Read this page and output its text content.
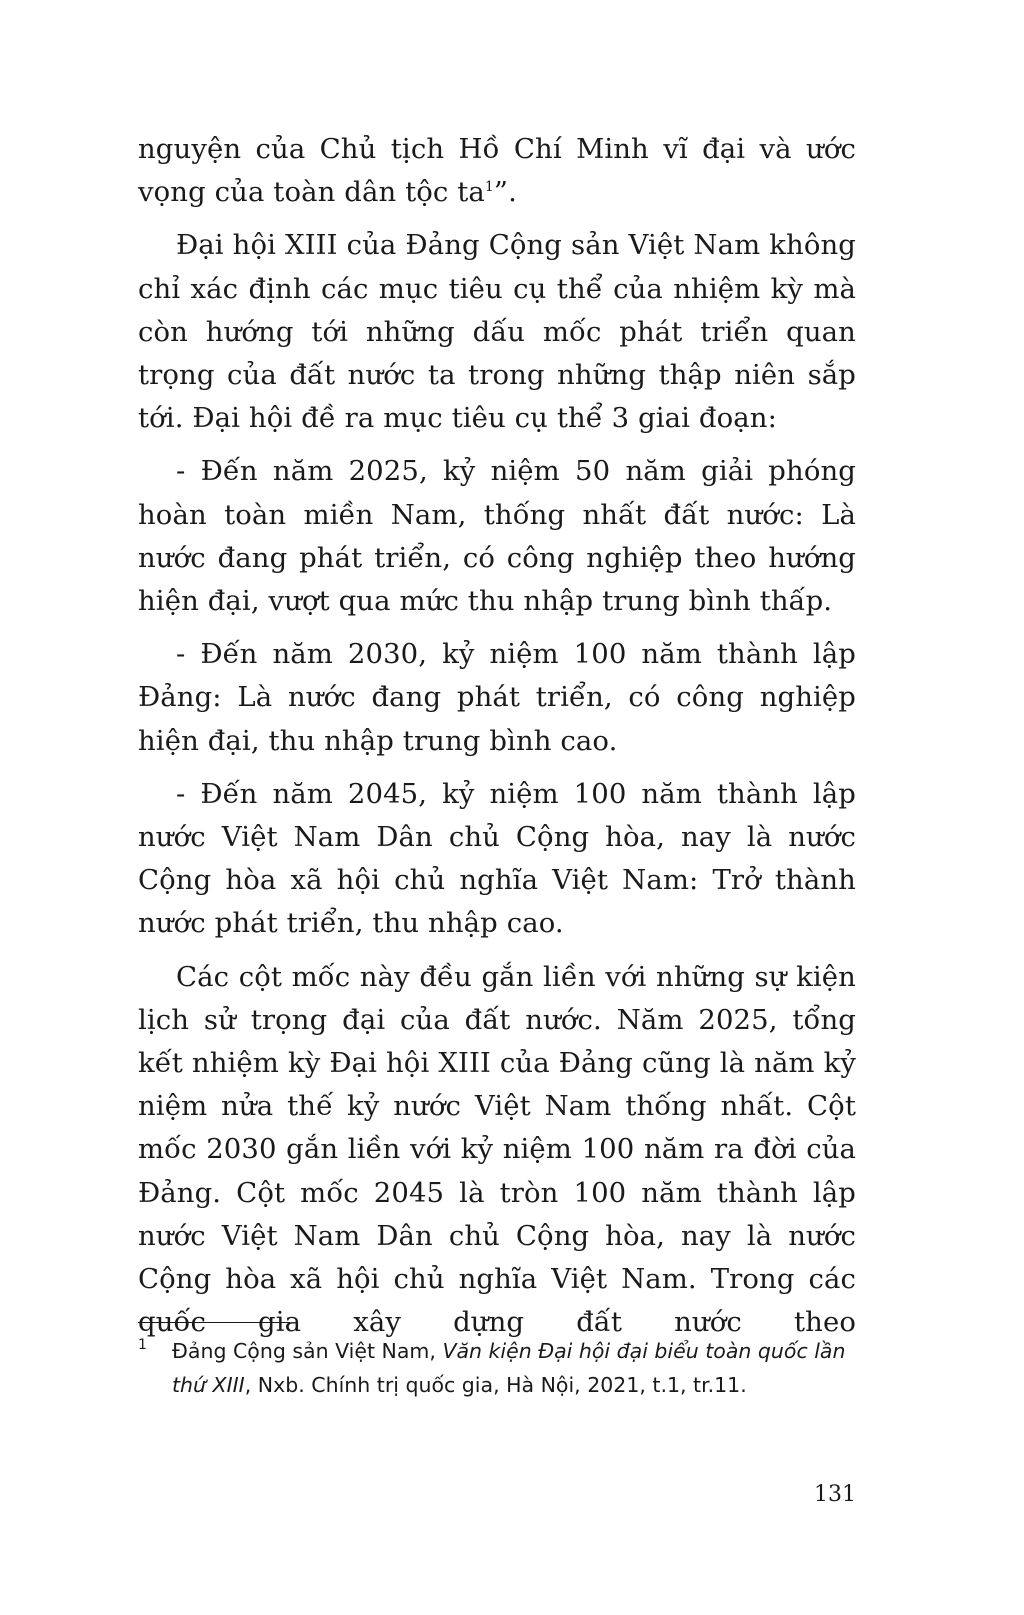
nguyện của Chủ tịch Hồ Chí Minh vĩ đại và ước vọng của toàn dân tộc $ta^1$”.

Đại hội XIII của Đảng Cộng sản Việt Nam không chỉ xác định các mục tiêu cụ thể của nhiệm kỳ mà còn hướng tới những dấu mốc phát triển quan trọng của đất nước ta trong những thập niên sắp tới. Đại hội đề ra mục tiêu cụ thể 3 giai đoạn:

- Đến năm 2025, kỷ niệm 50 năm giải phóng hoàn toàn miền Nam, thống nhất đất nước: Là nước đang phát triển, có công nghiệp theo hướng hiện đại, vượt qua mức thu nhập trung bình thấp.

- Đến năm 2030, kỷ niệm 100 năm thành lập Đảng: Là nước đang phát triển, có công nghiệp hiện đại, thu nhập trung bình cao.

- Đến năm 2045, kỷ niệm 100 năm thành lập nước Việt Nam Dân chủ Cộng hòa, nay là nước Cộng hòa xã hội chủ nghĩa Việt Nam: Trở thành nước phát triển, thu nhập cao.

Các cột mốc này đều gắn liền với những sự kiện lịch sử trọng đại của đất nước. Năm 2025, tổng kết nhiệm kỳ Đại hội XIII của Đảng cũng là năm kỷ niệm nửa thế kỷ nước Việt Nam thống nhất. Cột mốc 2030 gắn liền với kỷ niệm 100 năm ra đời của Đảng. Cột mốc 2045 là tròn 100 năm thành lập nước Việt Nam Dân chủ Cộng hòa, nay là nước Cộng hòa xã hội chủ nghĩa Việt Nam. Trong các quốc gia xây dựng đất nước theo

1 Đảng Cộng sản Việt Nam, Văn kiện Đại hội đại biểu toàn quốc lần thứ XIII, Nxb. Chính trị quốc gia, Hà Nội, 2021, t.1, tr.11.
131
